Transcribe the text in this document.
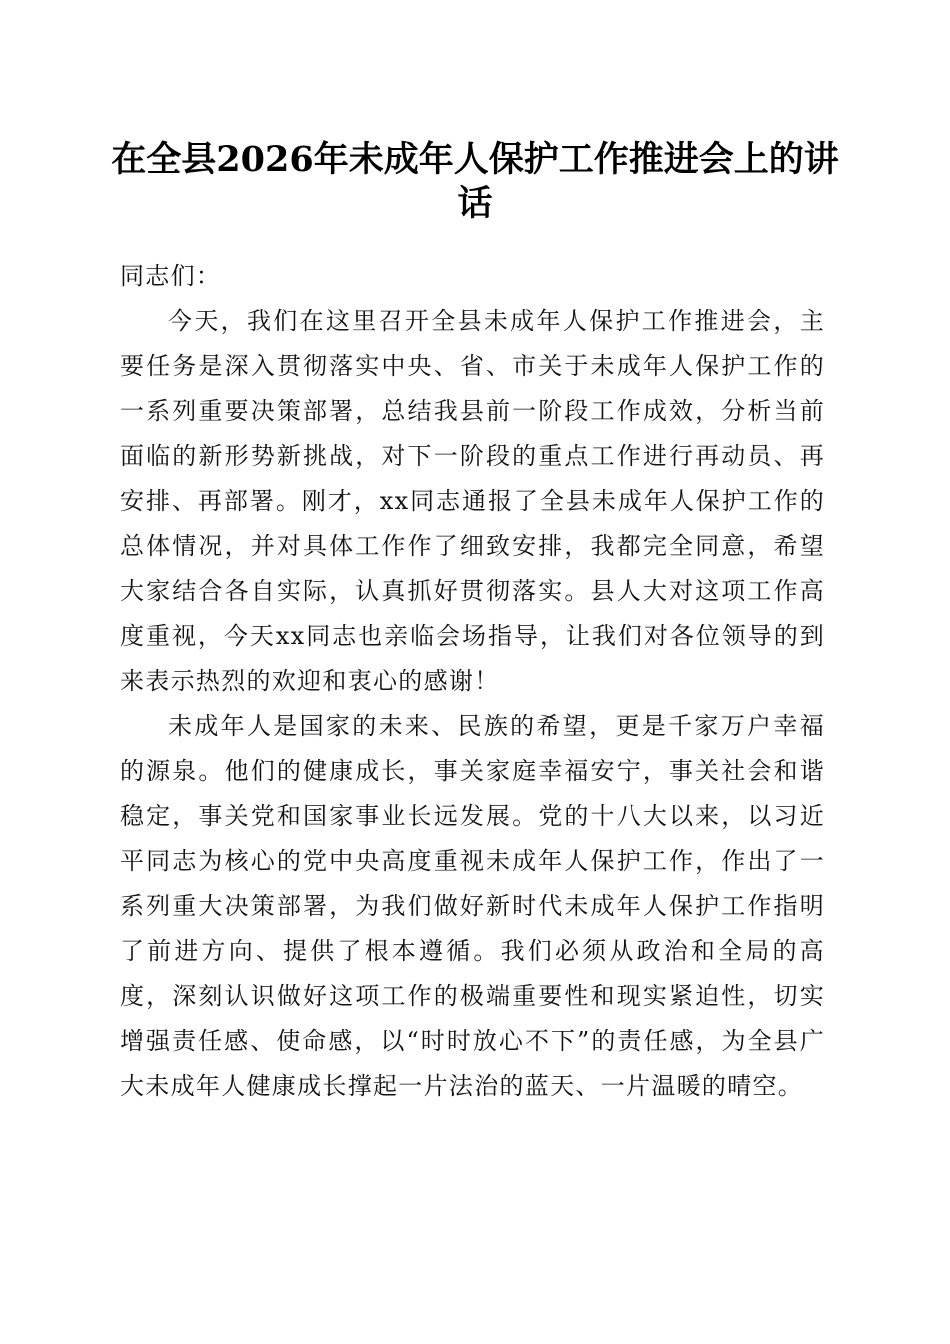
在全县2026年未成年人保护工作推进会上的讲话

同志们：

今天，我们在这里召开全县未成年人保护工作推进会，主要任务是深入贯彻落实中央、省、市关于未成年人保护工作的一系列重要决策部署，总结我县前一阶段工作成效，分析当前面临的新形势新挑战，对下一阶段的重点工作进行再动员、再安排、再部署。刚才，xx同志通报了全县未成年人保护工作的总体情况，并对具体工作作了细致安排，我都完全同意，希望大家结合各自实际，认真抓好贯彻落实。县人大对这项工作高度重视，今天xx同志也亲临会场指导，让我们对各位领导的到来表示热烈的欢迎和衷心的感谢！

未成年人是国家的未来、民族的希望，更是千家万户幸福的源泉。他们的健康成长，事关家庭幸福安宁，事关社会和谐稳定，事关党和国家事业长远发展。党的十八大以来，以习近平同志为核心的党中央高度重视未成年人保护工作，作出了一系列重大决策部署，为我们做好新时代未成年人保护工作指明了前进方向、提供了根本遵循。我们必须从政治和全局的高度，深刻认识做好这项工作的极端重要性和现实紧迫性，切实增强责任感、使命感，以“时时放心不下”的责任感，为全县广大未成年人健康成长撑起一片法治的蓝天、一片温暖的晴空。
